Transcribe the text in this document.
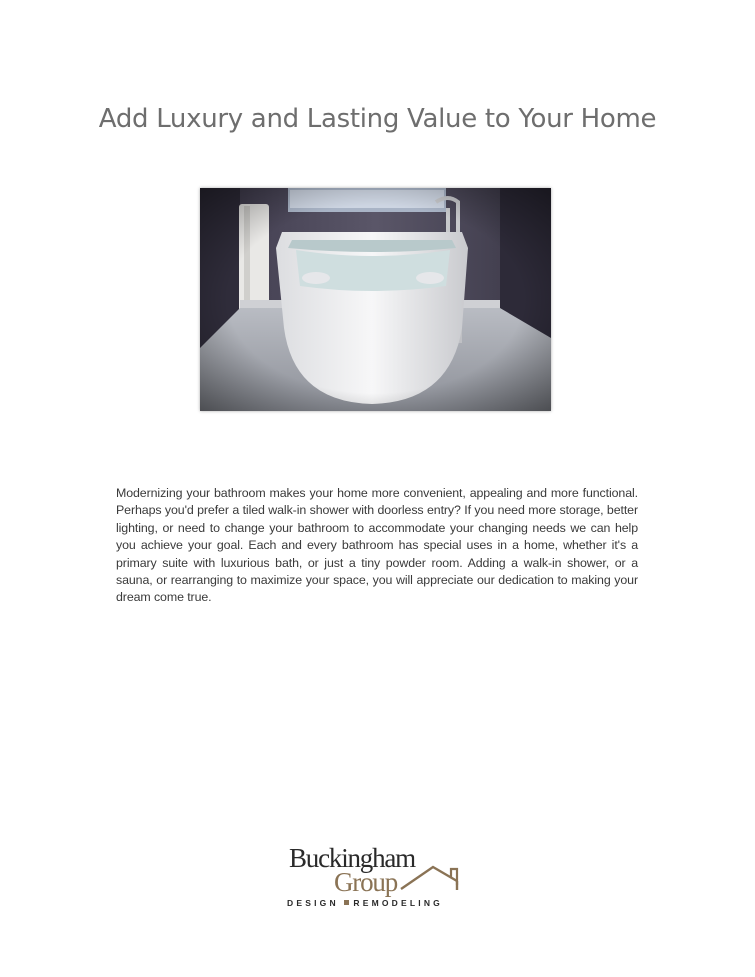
Add Luxury and Lasting Value to Your Home
Modernizing your bathroom makes your home more convenient, appealing and more functional. Perhaps you'd prefer a tiled walk-in shower with doorless entry? If you need more storage, better lighting, or need to change your bathroom to accommodate your changing needs we can help you achieve your goal. Each and every bathroom has special uses in a home, whether it's a primary suite with luxurious bath, or just a tiny powder room. Adding a walk-in shower, or a sauna, or rearranging to maximize your space, you will appreciate our dedication to making your dream come true.
Buckingham
Group
DESIGN REMODELING
